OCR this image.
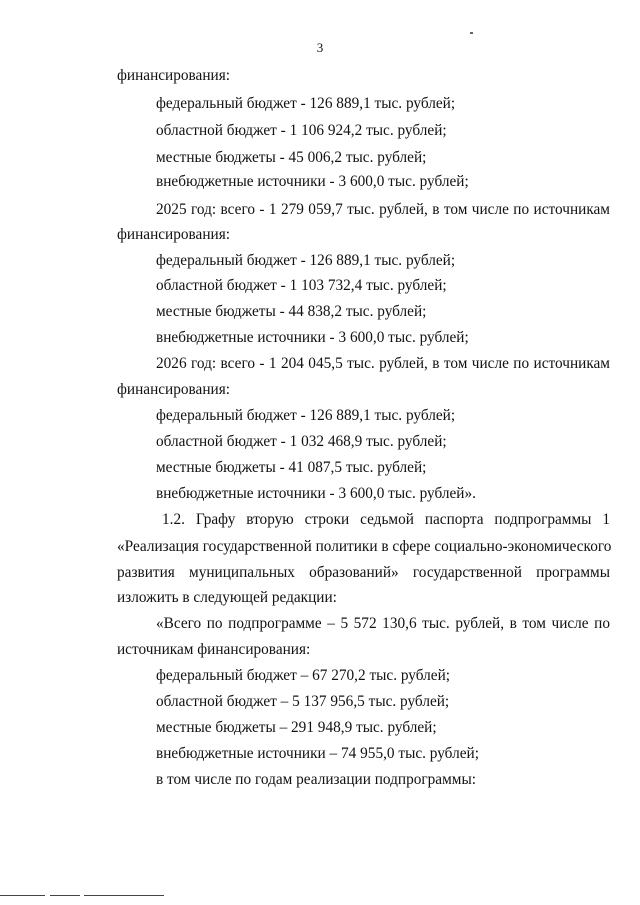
3
финансирования:
федеральный бюджет - 126 889,1 тыс. рублей;
областной бюджет - 1 106 924,2 тыс. рублей;
местные бюджеты - 45 006,2 тыс. рублей;
внебюджетные источники - 3 600,0 тыс. рублей;
2025 год: всего - 1 279 059,7 тыс. рублей, в том числе по источникам
финансирования:
федеральный бюджет - 126 889,1 тыс. рублей;
областной бюджет - 1 103 732,4 тыс. рублей;
местные бюджеты - 44 838,2 тыс. рублей;
внебюджетные источники - 3 600,0 тыс. рублей;
2026 год: всего - 1 204 045,5 тыс. рублей, в том числе по источникам
финансирования:
федеральный бюджет - 126 889,1 тыс. рублей;
областной бюджет - 1 032 468,9 тыс. рублей;
местные бюджеты - 41 087,5 тыс. рублей;
внебюджетные источники - 3 600,0 тыс. рублей».
1.2. Графу вторую строки седьмой паспорта подпрограммы 1
«Реализация государственной политики в сфере социально-экономического
развития муниципальных образований» государственной программы
изложить в следующей редакции:
«Всего по подпрограмме – 5 572 130,6 тыс. рублей, в том числе по
источникам финансирования:
федеральный бюджет – 67 270,2 тыс. рублей;
областной бюджет – 5 137 956,5 тыс. рублей;
местные бюджеты – 291 948,9 тыс. рублей;
внебюджетные источники – 74 955,0 тыс. рублей;
в том числе по годам реализации подпрограммы:
